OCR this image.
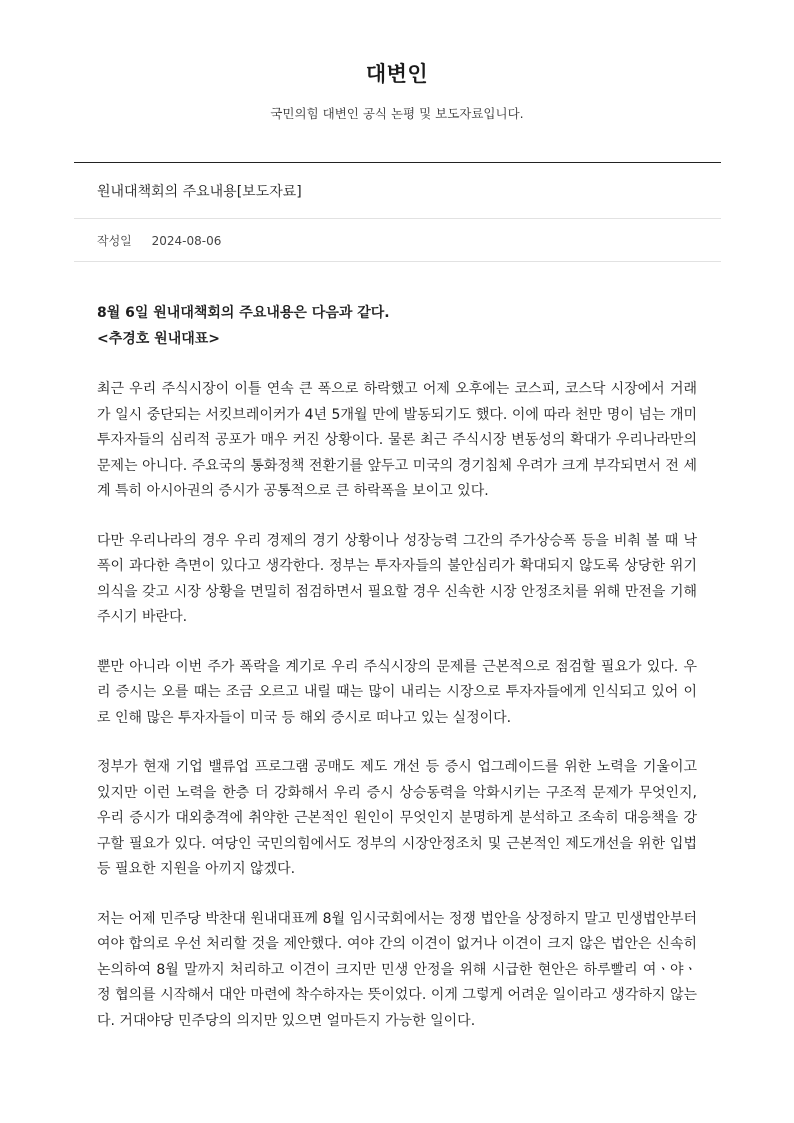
대변인

국민의힘 대변인 공식 논평 및 보도자료입니다.

원내대책회의 주요내용[보도자료]
작성일 2024-08-06
8월 6일 원내대책회의 주요내용은 다음과 같다.
<추경호 원내대표>

최근 우리 주식시장이 이틀 연속 큰 폭으로 하락했고 어제 오후에는 코스피, 코스닥 시장에서 거래가 일시 중단되는 서킷브레이커가 4년 5개월 만에 발동되기도 했다. 이에 따라 천만 명이 넘는 개미 투자자들의 심리적 공포가 매우 커진 상황이다. 물론 최근 주식시장 변동성의 확대가 우리나라만의 문제는 아니다. 주요국의 통화정책 전환기를 앞두고 미국의 경기침체 우려가 크게 부각되면서 전 세계 특히 아시아권의 증시가 공통적으로 큰 하락폭을 보이고 있다.

다만 우리나라의 경우 우리 경제의 경기 상황이나 성장능력 그간의 주가상승폭 등을 비춰 볼 때 낙폭이 과다한 측면이 있다고 생각한다. 정부는 투자자들의 불안심리가 확대되지 않도록 상당한 위기의식을 갖고 시장 상황을 면밀히 점검하면서 필요할 경우 신속한 시장 안정조치를 위해 만전을 기해주시기 바란다.

뿐만 아니라 이번 주가 폭락을 계기로 우리 주식시장의 문제를 근본적으로 점검할 필요가 있다. 우리 증시는 오를 때는 조금 오르고 내릴 때는 많이 내리는 시장으로 투자자들에게 인식되고 있어 이로 인해 많은 투자자들이 미국 등 해외 증시로 떠나고 있는 실정이다.

정부가 현재 기업 밸류업 프로그램 공매도 제도 개선 등 증시 업그레이드를 위한 노력을 기울이고 있지만 이런 노력을 한층 더 강화해서 우리 증시 상승동력을 악화시키는 구조적 문제가 무엇인지, 우리 증시가 대외충격에 취약한 근본적인 원인이 무엇인지 분명하게 분석하고 조속히 대응책을 강구할 필요가 있다. 여당인 국민의힘에서도 정부의 시장안정조치 및 근본적인 제도개선을 위한 입법 등 필요한 지원을 아끼지 않겠다.

저는 어제 민주당 박찬대 원내대표께 8월 임시국회에서는 정쟁 법안을 상정하지 말고 민생법안부터 여야 합의로 우선 처리할 것을 제안했다. 여야 간의 이견이 없거나 이견이 크지 않은 법안은 신속히 논의하여 8월 말까지 처리하고 이견이 크지만 민생 안정을 위해 시급한 현안은 하루빨리 여ㆍ야ㆍ정 협의를 시작해서 대안 마련에 착수하자는 뜻이었다. 이게 그렇게 어려운 일이라고 생각하지 않는다. 거대야당 민주당의 의지만 있으면 얼마든지 가능한 일이다.
